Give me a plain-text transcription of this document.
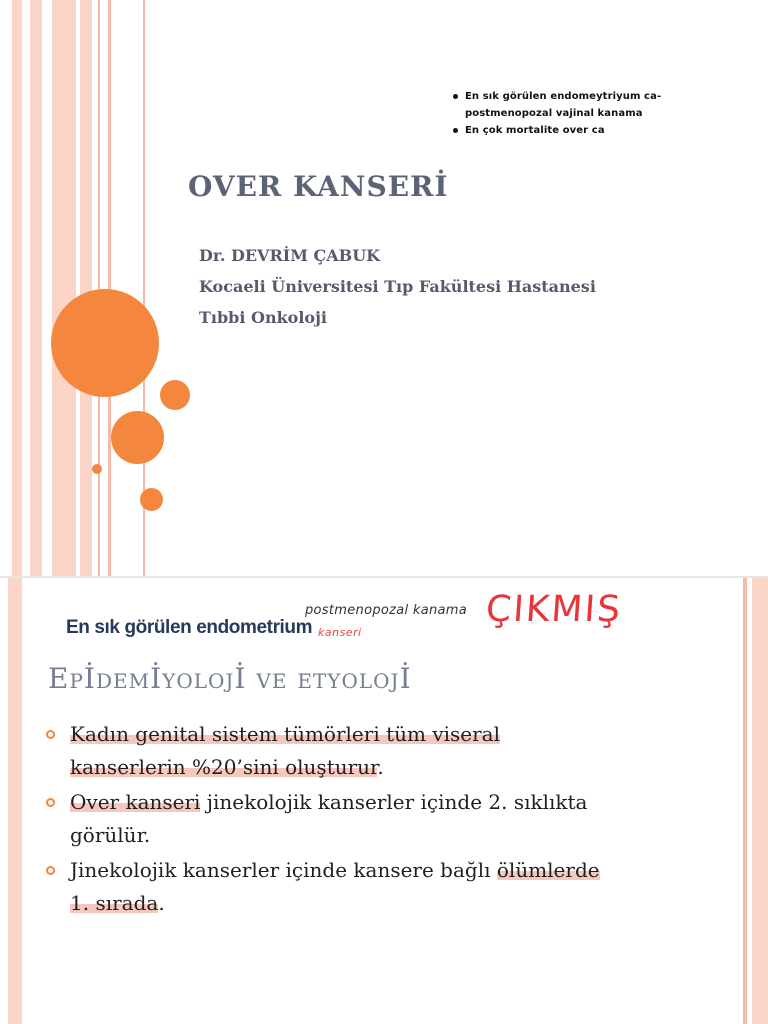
En sık görülen endomeytriyum ca-
postmenopozal vajinal kanama
En çok mortalite over ca
OVER KANSERİ
Dr. DEVRİM ÇABUK
Kocaeli Üniversitesi Tıp Fakültesi Hastanesi
Tıbbi Onkoloji
En sık görülen endometrium
postmenopozal kanama
kanseri
ÇIKMIŞ
Epİdemİyolojİ ve etyolojİ
Kadın genital sistem tümörleri tüm viseral kanserlerin %20’sini oluşturur.
Over kanseri jinekolojik kanserler içinde 2. sıklıkta görülür.
Jinekolojik kanserler içinde kansere bağlı ölümlerde 1. sırada.
